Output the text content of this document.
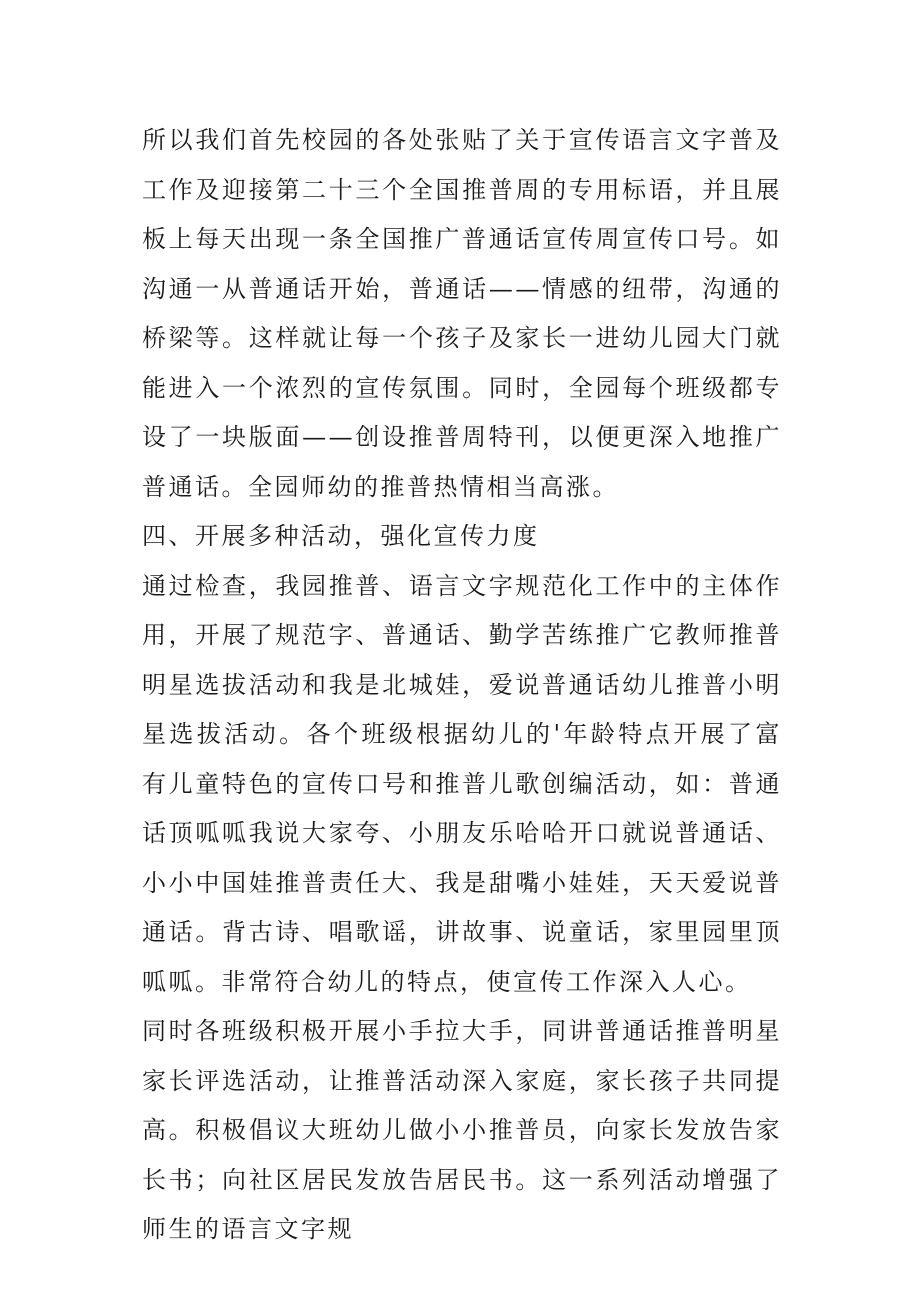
所以我们首先校园的各处张贴了关于宣传语言文字普及工作及迎接第二十三个全国推普周的专用标语，并且展板上每天出现一条全国推广普通话宣传周宣传口号。如沟通一从普通话开始，普通话——情感的纽带，沟通的桥梁等。这样就让每一个孩子及家长一进幼儿园大门就能进入一个浓烈的宣传氛围。同时，全园每个班级都专设了一块版面——创设推普周特刊，以便更深入地推广普通话。全园师幼的推普热情相当高涨。

四、开展多种活动，强化宣传力度

通过检查，我园推普、语言文字规范化工作中的主体作用，开展了规范字、普通话、勤学苦练推广它教师推普明星选拔活动和我是北城娃，爱说普通话幼儿推普小明星选拔活动。各个班级根据幼儿的'年龄特点开展了富有儿童特色的宣传口号和推普儿歌创编活动，如：普通话顶呱呱我说大家夸、小朋友乐哈哈开口就说普通话、小小中国娃推普责任大、我是甜嘴小娃娃，天天爱说普通话。背古诗、唱歌谣，讲故事、说童话，家里园里顶呱呱。非常符合幼儿的特点，使宣传工作深入人心。

同时各班级积极开展小手拉大手，同讲普通话推普明星家长评选活动，让推普活动深入家庭，家长孩子共同提高。积极倡议大班幼儿做小小推普员，向家长发放告家长书；向社区居民发放告居民书。这一系列活动增强了师生的语言文字规
